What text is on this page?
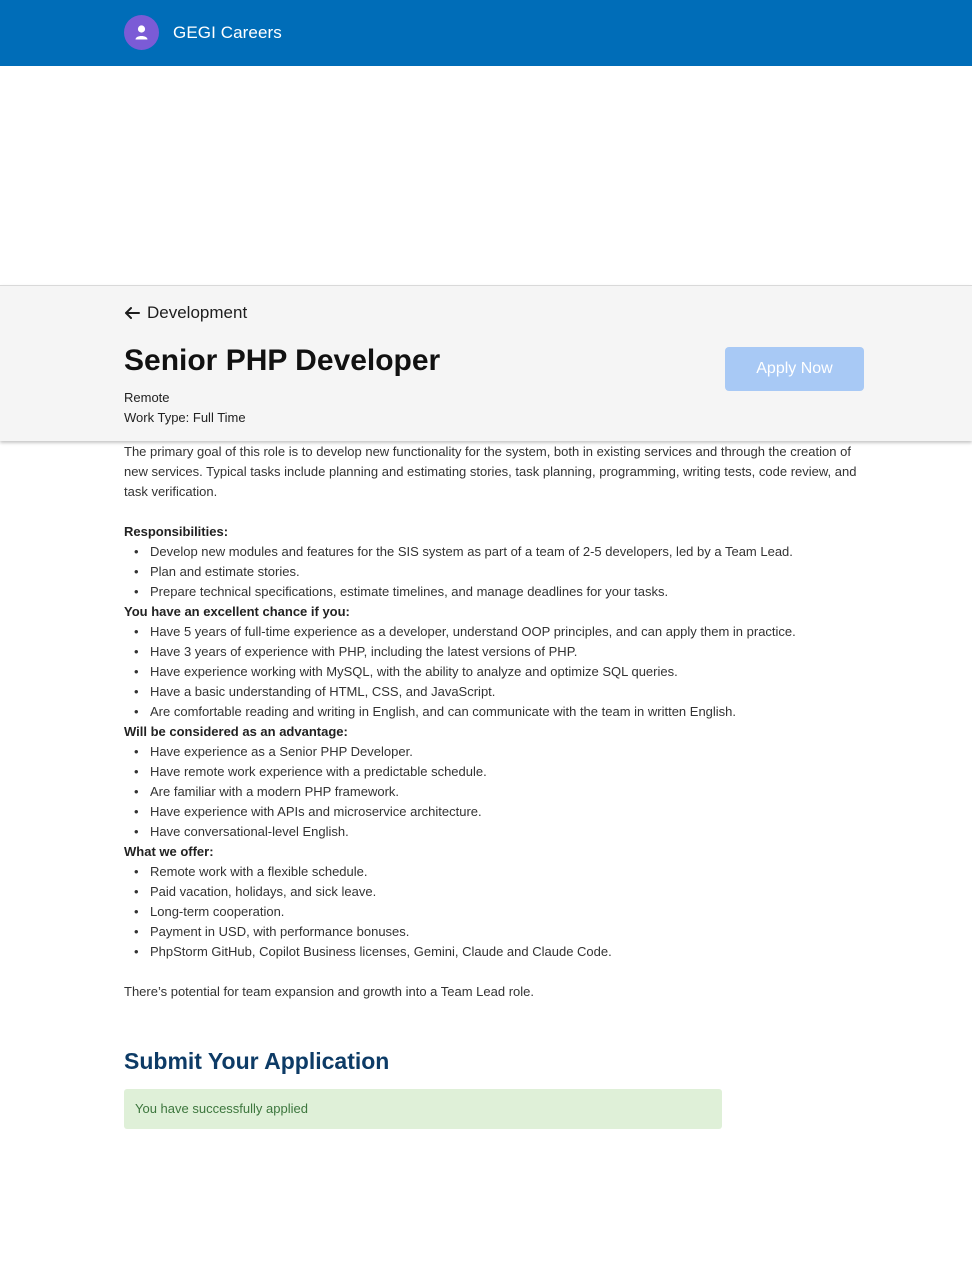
GEGI Careers
Development
Senior PHP Developer
Remote
Work Type: Full Time
Apply Now

The primary goal of this role is to develop new functionality for the system, both in existing services and through the creation of new services. Typical tasks include planning and estimating stories, task planning, programming, writing tests, code review, and task verification.

Responsibilities:
• Develop new modules and features for the SIS system as part of a team of 2-5 developers, led by a Team Lead.
• Plan and estimate stories.
• Prepare technical specifications, estimate timelines, and manage deadlines for your tasks.
You have an excellent chance if you:
• Have 5 years of full-time experience as a developer, understand OOP principles, and can apply them in practice.
• Have 3 years of experience with PHP, including the latest versions of PHP.
• Have experience working with MySQL, with the ability to analyze and optimize SQL queries.
• Have a basic understanding of HTML, CSS, and JavaScript.
• Are comfortable reading and writing in English, and can communicate with the team in written English.
Will be considered as an advantage:
• Have experience as a Senior PHP Developer.
• Have remote work experience with a predictable schedule.
• Are familiar with a modern PHP framework.
• Have experience with APIs and microservice architecture.
• Have conversational-level English.
What we offer:
• Remote work with a flexible schedule.
• Paid vacation, holidays, and sick leave.
• Long-term cooperation.
• Payment in USD, with performance bonuses.
• PhpStorm GitHub, Copilot Business licenses, Gemini, Claude and Claude Code.

There’s potential for team expansion and growth into a Team Lead role.

Submit Your Application
You have successfully applied
